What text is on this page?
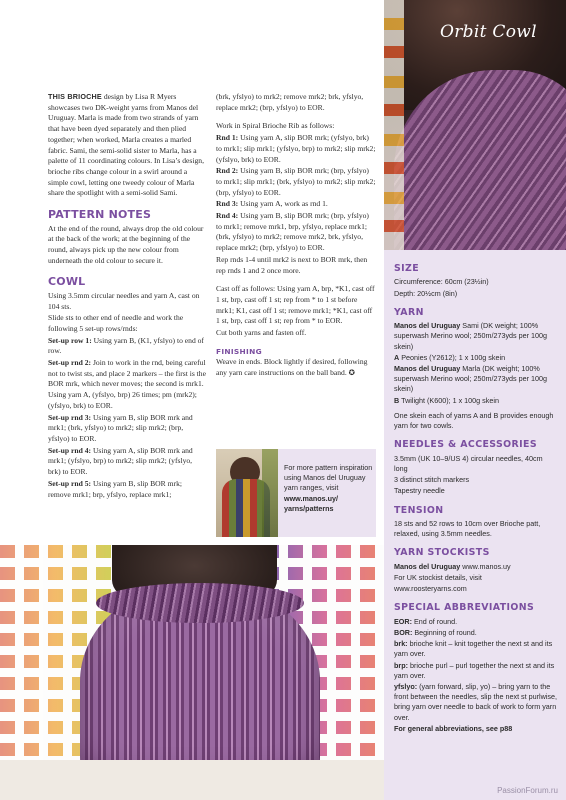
Orbit Cowl

THIS BRIOCHE design by Lisa R Myers showcases two DK-weight yarns from Manos del Uruguay. Marla is made from two strands of yarn that have been dyed separately and then plied together; when worked, Marla creates a marled fabric. Sami, the semi-solid sister to Marla, has a palette of 11 coordinating colours. In Lisa’s design, brioche ribs change colour in a swirl around a simple cowl, letting one tweedy colour of Marla share the spotlight with a semi-solid Sami.

PATTERN NOTES

At the end of the round, always drop the old colour at the back of the work; at the beginning of the round, always pick up the new colour from underneath the old colour to secure it.

COWL

Using 3.5mm circular needles and yarn A, cast on 104 sts.

Slide sts to other end of needle and work the following 5 set-up rows/rnds:

Set-up row 1: Using yarn B, (K1, yfslyo) to end of row.

Set-up rnd 2: Join to work in the rnd, being careful not to twist sts, and place 2 markers – the first is the BOR mrk, which never moves; the second is mrk1. Using yarn A, (yfslyo, brp) 26 times; pm (mrk2); (yfslyo, brk) to EOR.

Set-up rnd 3: Using yarn B, slip BOR mrk and mrk1; (brk, yfslyo) to mrk2; slip mrk2; (brp, yfslyo) to EOR.

Set-up rnd 4: Using yarn A, slip BOR mrk and mrk1; (yfslyo, brp) to mrk2; slip mrk2; (yfslyo, brk) to EOR.

Set-up rnd 5: Using yarn B, slip BOR mrk; remove mrk1; brp, yfslyo, replace mrk1;

(brk, yfslyo) to mrk2; remove mrk2; brk, yfslyo, replace mrk2; (brp, yfslyo) to EOR.

Work in Spiral Brioche Rib as follows:

Rnd 1: Using yarn A, slip BOR mrk; (yfslyo, brk) to mrk1; slip mrk1; (yfslyo, brp) to mrk2; slip mrk2; (yfslyo, brk) to EOR.

Rnd 2: Using yarn B, slip BOR mrk; (brp, yfslyo) to mrk1; slip mrk1; (brk, yfslyo) to mrk2; slip mrk2; (brp, yfslyo) to EOR.

Rnd 3: Using yarn A, work as rnd 1.

Rnd 4: Using yarn B, slip BOR mrk; (brp, yfslyo) to mrk1; remove mrk1, brp, yfslyo, replace mrk1; (brk, yfslyo) to mrk2; remove mrk2, brk, yfslyo, replace mrk2; (brp, yfslyo) to EOR.

Rep rnds 1-4 until mrk2 is next to BOR mrk, then rep rnds 1 and 2 once more.

Cast off as follows: Using yarn A, brp, *K1, cast off 1 st, brp, cast off 1 st; rep from * to 1 st before mrk1; K1, cast off 1 st; remove mrk1; *K1, cast off 1 st, brp, cast off 1 st; rep from * to EOR.

Cut both yarns and fasten off.

FINISHING

Weave in ends. Block lightly if desired, following any yarn care instructions on the ball band. ✪

For more pattern inspiration using Manos del Uruguay yarn ranges, visit
www.manos.uy/ yarns/patterns
SIZE

Circumference: 60cm (23½in)

Depth: 20½cm (8in)

YARN

Manos del Uruguay Sami (DK weight; 100% superwash Merino wool; 250m/273yds per 100g skein)

A Peonies (Y2612); 1 x 100g skein

Manos del Uruguay Marla (DK weight; 100% superwash Merino wool; 250m/273yds per 100g skein)

B Twilight (K600); 1 x 100g skein

One skein each of yarns A and B provides enough yarn for two cowls.

NEEDLES & ACCESSORIES

3.5mm (UK 10–9/US 4) circular needles, 40cm long

3 distinct stitch markers

Tapestry needle

TENSION

18 sts and 52 rows to 10cm over Brioche patt, relaxed, using 3.5mm needles.

YARN STOCKISTS

Manos del Uruguay www.manos.uy

For UK stockist details, visit

www.roosteryarns.com

SPECIAL ABBREVIATIONS

EOR: End of round.

BOR: Beginning of round.

brk: brioche knit – knit together the next st and its yarn over.

brp: brioche purl – purl together the next st and its yarn over.

yfslyo: (yarn forward, slip, yo) – bring yarn to the front between the needles, slip the next st purlwise, bring yarn over needle to back of work to form yarn over.

For general abbreviations, see p88

PassionForum.ru
